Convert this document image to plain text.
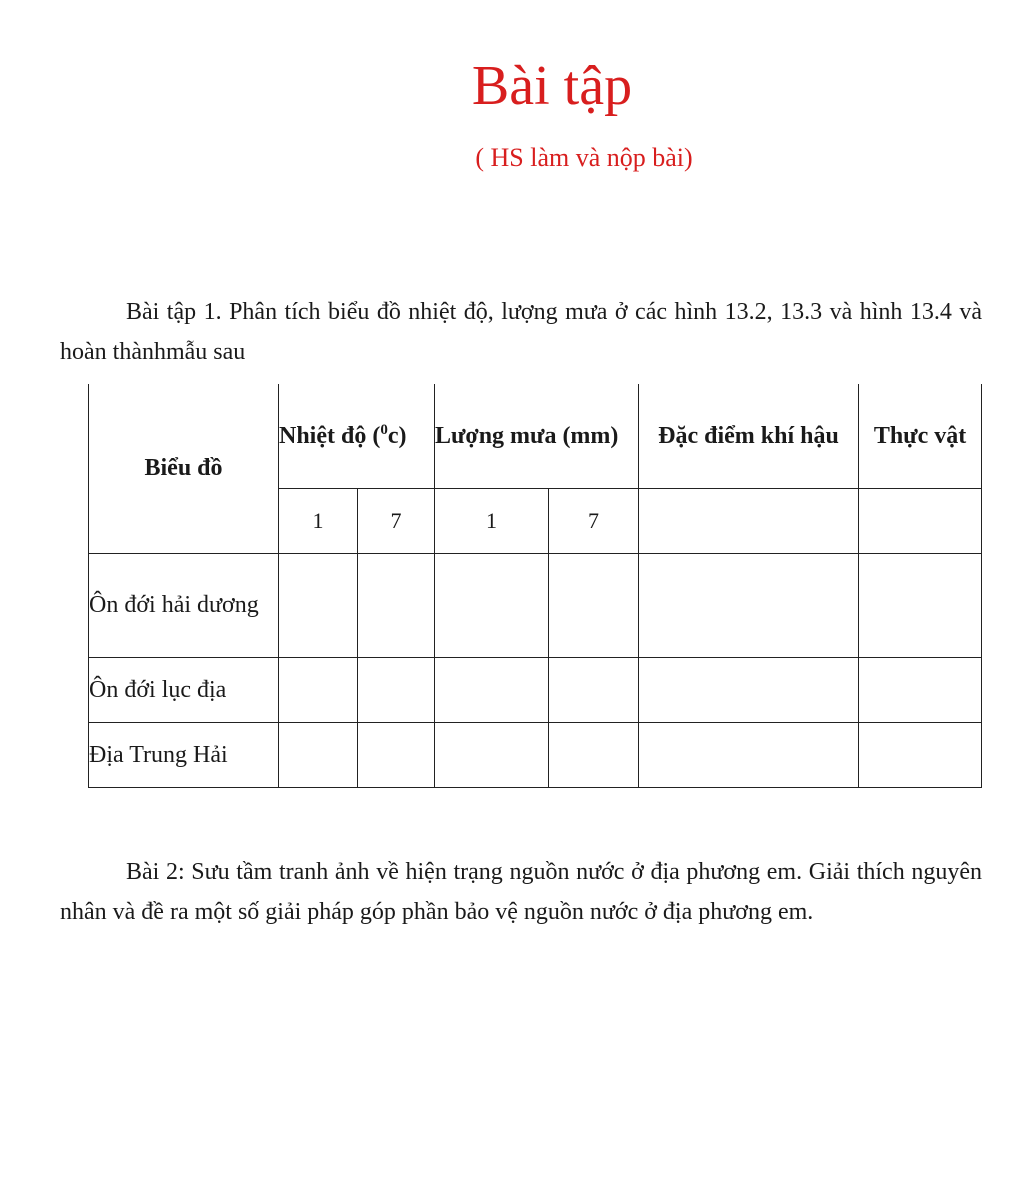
Bài tập

( HS làm và nộp bài)

Bài tập 1. Phân tích biểu đồ nhiệt độ, lượng mưa ở các hình 13.2, 13.3 và hình 13.4 và hoàn thànhmẫu sau

Biểu đồ	Nhiệt độ ($^0$c)		Lượng mưa (mm)		Đặc điểm khí hậu	Thực vật
	1	7	1	7		
Ôn đới hải dương						
Ôn đới lục địa						
Địa Trung Hải						

Bài 2: Sưu tầm tranh ảnh về hiện trạng nguồn nước ở địa phương em. Giải thích nguyên nhân và đề ra một số giải pháp góp phần bảo vệ nguồn nước ở địa phương em.
